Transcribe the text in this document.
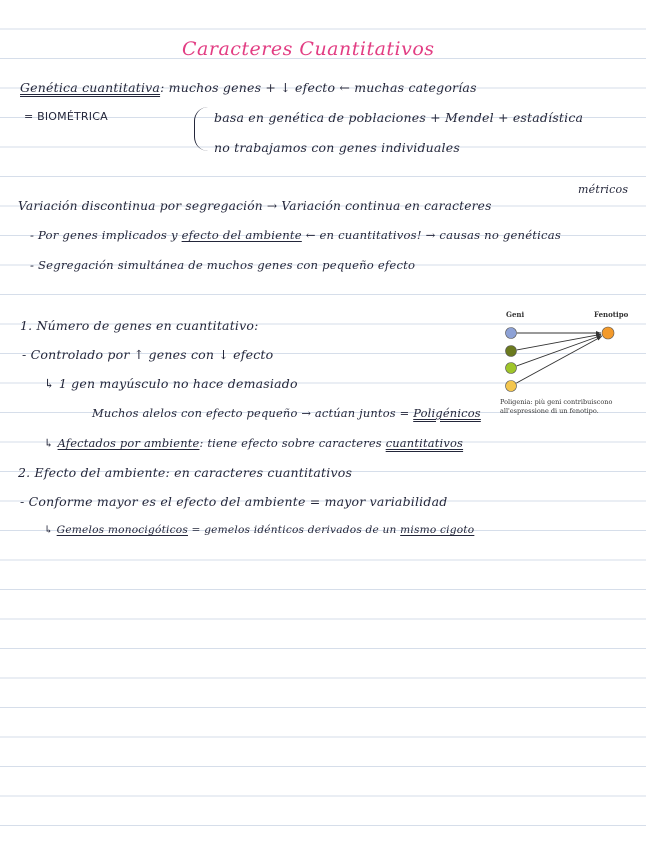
Caracteres Cuantitativos
Genética cuantitativa: muchos genes + ↓ efecto ← muchas categorías
= BIOMÉTRICA	basa en genética de poblaciones + Mendel + estadística
no trabajamos con genes individuales
métricos
Variación discontinua por segregación → Variación continua en caracteres
- Por genes implicados y efecto del ambiente ← en cuantitativos! → causas no genéticas
- Segregación simultánea de muchos genes con pequeño efecto
1. Número de genes en cuantitativo:
- Controlado por ↑ genes con ↓ efecto
↳ 1 gen mayúsculo no hace demasiado
Muchos alelos con efecto pequeño → actúan juntos = Poligénicos
↳ Afectados por ambiente: tiene efecto sobre caracteres cuantitativos
2. Efecto del ambiente: en caracteres cuantitativos
- Conforme mayor es el efecto del ambiente = mayor variabilidad
↳ Gemelos monocigóticos = gemelos idénticos derivados de un mismo cigoto
Geni	Fenotipo
Poligenia: più geni contribuiscono all'espressione di un fenotipo.
